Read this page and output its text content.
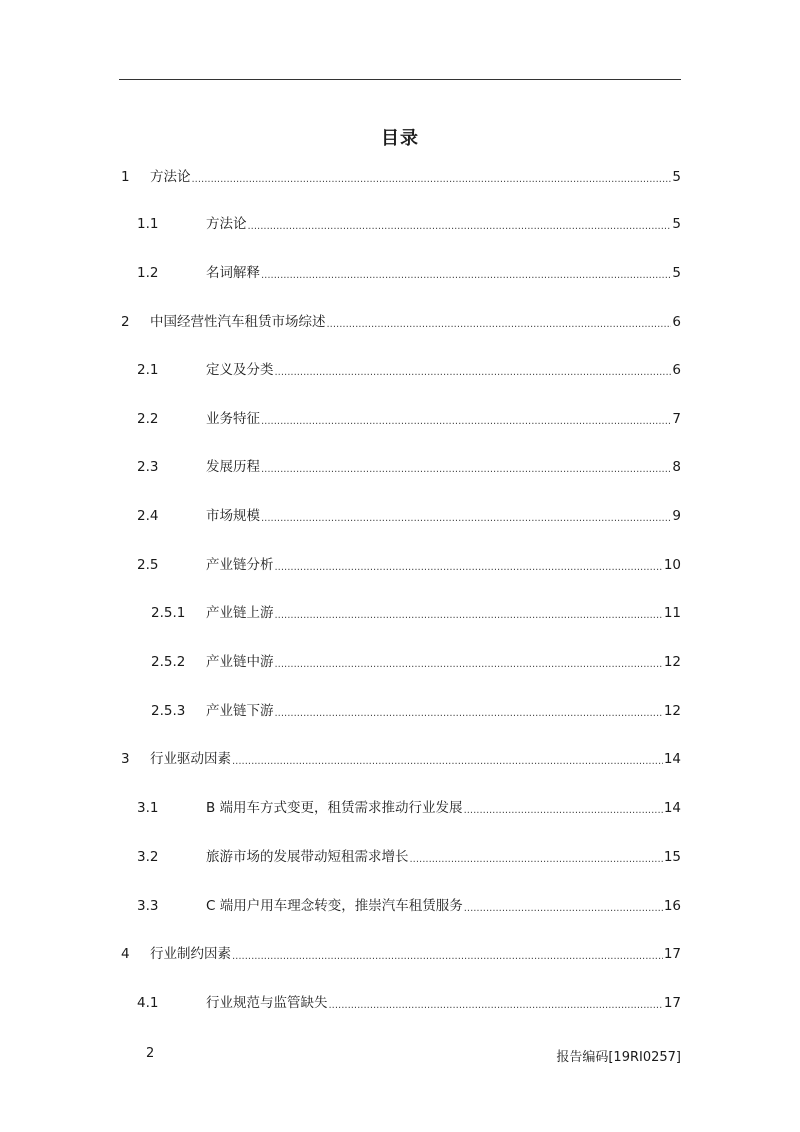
目录
1	方法论 .....	5
1.1	方法论 .....	5
1.2	名词解释 .....	5
2	中国经营性汽车租赁市场综述 .....	6
2.1	定义及分类 .....	6
2.2	业务特征 .....	7
2.3	发展历程 .....	8
2.4	市场规模 .....	9
2.5	产业链分析 .....	10
2.5.1	产业链上游 .....	11
2.5.2	产业链中游 .....	12
2.5.3	产业链下游 .....	12
3	行业驱动因素 .....	14
3.1	B 端用车方式变更，租赁需求推动行业发展 .....	14
3.2	旅游市场的发展带动短租需求增长 .....	15
3.3	C 端用户用车理念转变，推崇汽车租赁服务 .....	16
4	行业制约因素 .....	17
4.1	行业规范与监管缺失 .....	17
2	报告编码[19RI0257]
